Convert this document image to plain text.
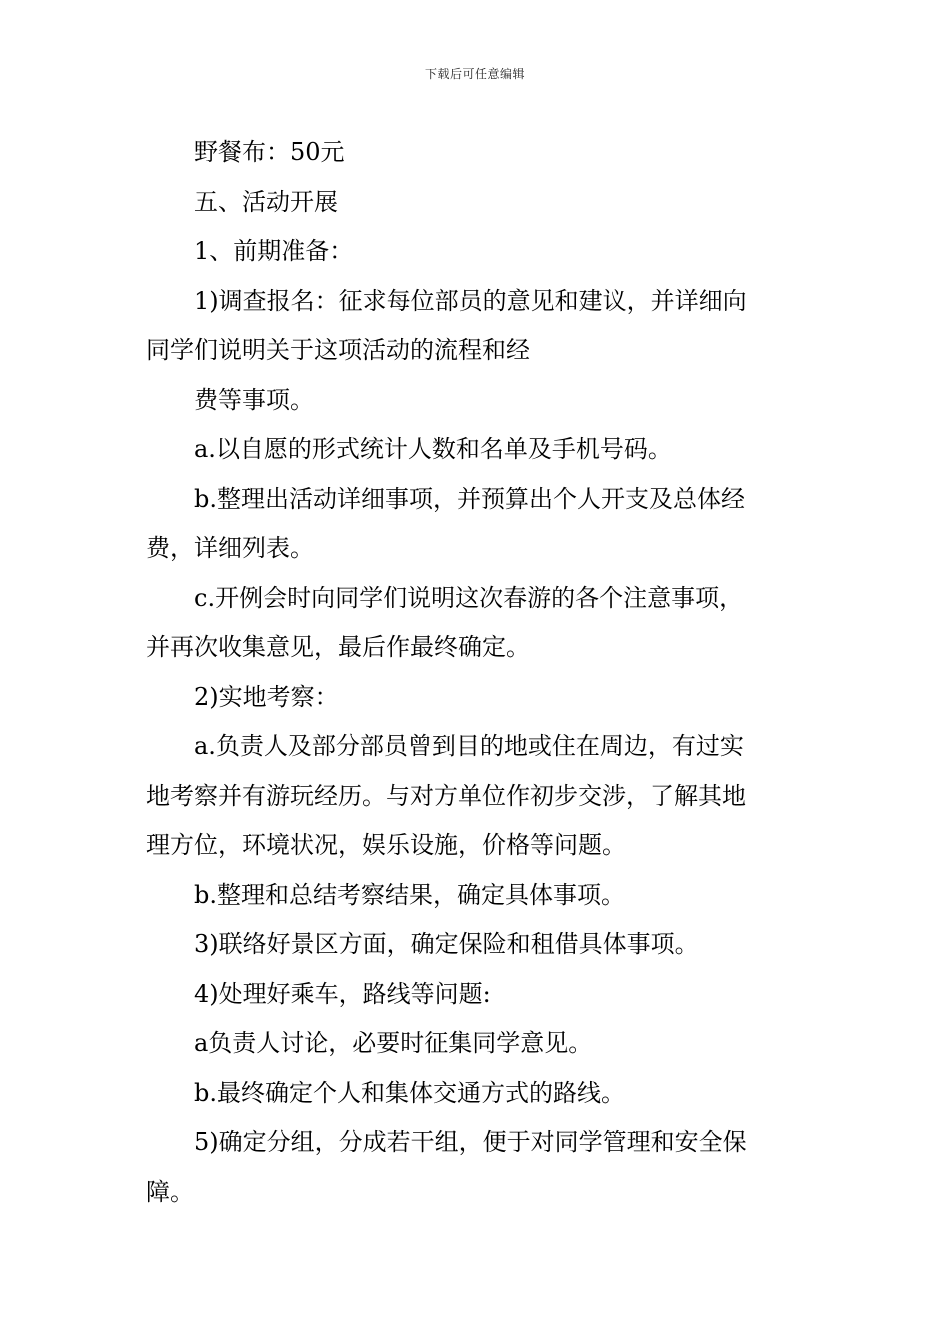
下载后可任意编辑
野餐布：50元
五、活动开展
1、前期准备：
1)调查报名：征求每位部员的意见和建议，并详细向
同学们说明关于这项活动的流程和经
费等事项。
a.以自愿的形式统计人数和名单及手机号码。
b.整理出活动详细事项，并预算出个人开支及总体经
费，详细列表。
c.开例会时向同学们说明这次春游的各个注意事项，
并再次收集意见，最后作最终确定。
2)实地考察：
a.负责人及部分部员曾到目的地或住在周边，有过实
地考察并有游玩经历。与对方单位作初步交涉，了解其地
理方位，环境状况，娱乐设施，价格等问题。
b.整理和总结考察结果，确定具体事项。
3)联络好景区方面，确定保险和租借具体事项。
4)处理好乘车，路线等问题:
a负责人讨论，必要时征集同学意见。
b.最终确定个人和集体交通方式的路线。
5)确定分组，分成若干组，便于对同学管理和安全保
障。
